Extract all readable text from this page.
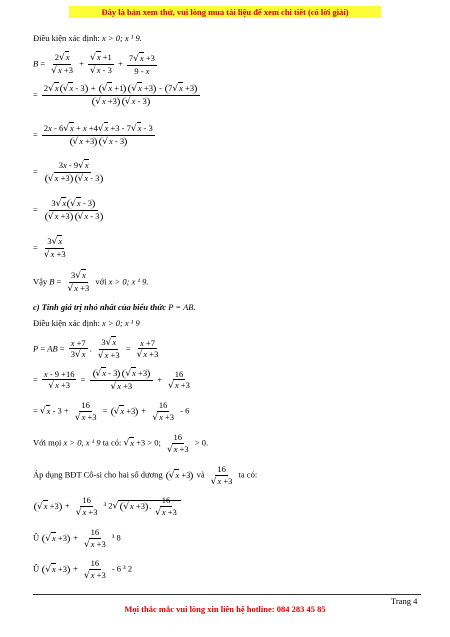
Đây là bản xem thử, vui lòng mua tài liệu để xem chi tiết (có lời giải)
Điều kiện xác định: x > 0; x ¹ 9.
$B = \frac{2√x}{√x +3} + \frac{√x +1}{√x - 3} + \frac{7√x +3}{9 - x}$
= $\frac{2√x √x - 3 + √x +1 √x +3 - 7√x +3}{√x +3 √x - 3}$
= $\frac{2x - 6√x + x +4√x +3 - 7√x - 3}{√x +3 √x - 3}$
= $\frac{3x - 9√x}{√x +3 √x - 3}$
= $\frac{3√x √x - 3}{√x +3 √x - 3}$
= $\frac{3√x}{√x +3}$
Vậy $B = \frac{3√x}{√x +3}$ với x > 0; x ¹ 9.
c) Tính giá trị nhỏ nhất của biểu thức P = AB.
Điều kiện xác định: x > 0; x ¹ 9
P = AB = $\frac{x +7}{3√x}$ . $\frac{3√x}{√x +3} = \frac{x +7}{√x +3}$
= $\frac{x - 9 +16}{√x +3} = \frac{√x - 3 √x +3}{√x +3} + \frac{16}{√x +3}$
= $√x - 3 + \frac{16}{√x +3} = √x +3 + \frac{16}{√x +3} - 6$
Với mọi x > 0, x ¹ 9 ta có: √x +3 > 0; $\frac{16}{√x +3} > 0$.
Áp dụng BĐT Cô-si cho hai số dương √x +3 và $\frac{16}{√x +3}$ ta có:
$√x +3 + \frac{16}{√x +3} ^3$ 2√ √x +3 . $\frac{16}{√x +3}$
Û $√x +3 + \frac{16}{√x +3} ^3$ 8
Û $√x +3 + \frac{16}{√x +3} - 6$ ³ 2
Trang 4
Mọi thắc mắc vui lòng xin liên hệ hotline: 084 283 45 85
